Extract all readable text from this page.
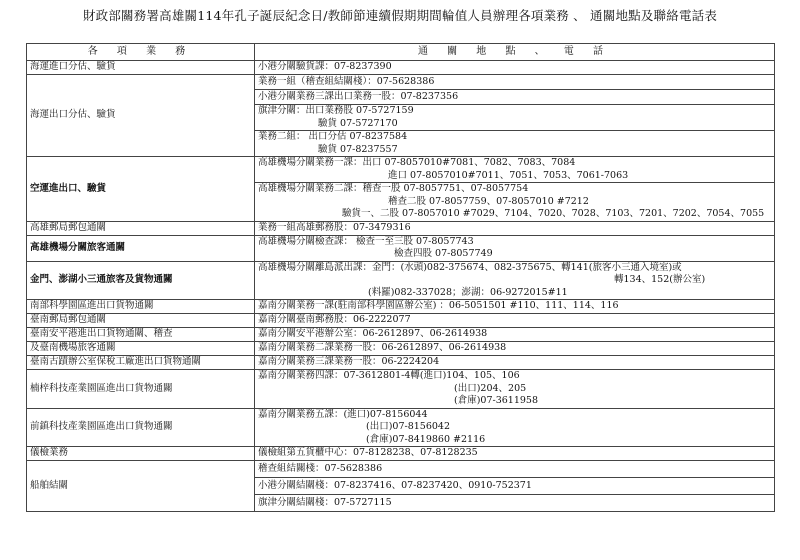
財政部關務署高雄關114年孔子誕辰紀念日/教師節連續假期期間輪值人員辦理各項業務 、 通關地點及聯絡電話表
各 項 業 務	通 關 地 點 、 電 話
海運進口分估、驗貨	小港分關驗貨課：07-8237390

海運出口分估、驗貨	業務一組（稽查組結關棧）：07-5628386

	小港分關業務三課出口業務一股：07-8237356

	旗津分關：出口業務股 07-5727159
驗貨 07-5727170

	業務二組： 出口分估 07-8237584
驗貨 07-8237557

空運進出口、驗貨	高雄機場分關業務一課：出口 07-8057010#7081、7082、7083、7084
進口 07-8057010#7011、7051、7053、7061-7063

	高雄機場分關業務二課：稽查一股 07-8057751、07-8057754
稽查二股 07-8057759、07-8057010 #7212
驗貨一、二股 07-8057010 #7029、7104、7020、7028、7103、7201、7202、7054、7055

高雄郵局郵包通關	業務一組高雄郵務股：07-3479316

高雄機場分關旅客通關	高雄機場分關檢查課： 檢查一至三股 07-8057743
檢查四股 07-8057749

金門、澎湖小三通旅客及貨物通關	高雄機場分關離島派出課：金門：(水頭)082-375674、082-375675、轉141(旅客小三通入境室)或
轉134、152(辦公室)
(料羅)082-337028；澎湖：06-9272015#11

南部科學園區進出口貨物通關	嘉南分關業務一課(駐南部科學園區辦公室) ：06-5051501 #110、111、114、116

臺南郵局郵包通關	嘉南分關臺南郵務股：06-2222077

臺南安平港進出口貨物通關、稽查	嘉南分關安平港辦公室：06-2612897、06-2614938

及臺南機場旅客通關	嘉南分關業務二課業務一股：06-2612897、06-2614938

臺南古蹟辦公室保稅工廠進出口貨物通關	嘉南分關業務三課業務一股：06-2224204

楠梓科技產業園區進出口貨物通關	嘉南分關業務四課：07-3612801-4轉(進口)104、105、106
(出口)204、205
(倉庫)07-3611958

前鎮科技產業園區進出口貨物通關	嘉南分關業務五課：(進口)07-8156044
(出口)07-8156042
(倉庫)07-8419860 #2116

儀檢業務	儀檢組第五貨櫃中心：07-8128238、07-8128235

船舶結關	稽查組結關棧：07-5628386

	小港分關結關棧：07-8237416、07-8237420、0910-752371

	旗津分關結關棧：07-5727115
